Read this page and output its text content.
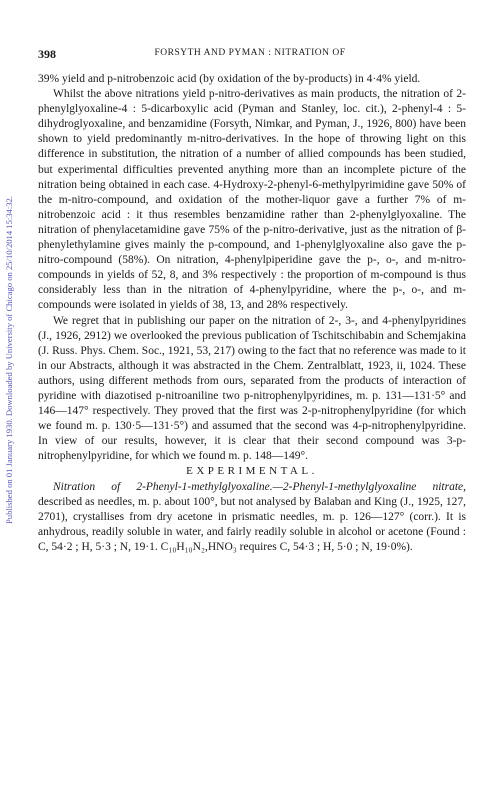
Published on 01 January 1930. Downloaded by University of Chicago on 25/10/2014 15:34:32.
398	FORSYTH AND PYMAN : NITRATION OF

39% yield and p-nitrobenzoic acid (by oxidation of the by-products) in 4·4% yield.

Whilst the above nitrations yield p-nitro-derivatives as main products, the nitration of 2-phenylglyoxaline-4 : 5-dicarboxylic acid (Pyman and Stanley, loc. cit.), 2-phenyl-4 : 5-dihydroglyoxaline, and benzamidine (Forsyth, Nimkar, and Pyman, J., 1926, 800) have been shown to yield predominantly m-nitro-derivatives. In the hope of throwing light on this difference in substitution, the nitration of a number of allied compounds has been studied, but experimental difficulties prevented anything more than an incomplete picture of the nitration being obtained in each case. 4-Hydroxy-2-phenyl-6-methylpyrimidine gave 50% of the m-nitro-compound, and oxidation of the mother-liquor gave a further 7% of m-nitrobenzoic acid : it thus resembles benzamidine rather than 2-phenylglyoxaline. The nitration of phenylacetamidine gave 75% of the p-nitro-derivative, just as the nitration of β-phenylethylamine gives mainly the p-compound, and 1-phenylglyoxaline also gave the p-nitro-compound (58%). On nitration, 4-phenylpiperidine gave the p-, o-, and m-nitro-compounds in yields of 52, 8, and 3% respectively : the proportion of m-compound is thus considerably less than in the nitration of 4-phenylpyridine, where the p-, o-, and m-compounds were isolated in yields of 38, 13, and 28% respectively.

We regret that in publishing our paper on the nitration of 2-, 3-, and 4-phenylpyridines (J., 1926, 2912) we overlooked the previous publication of Tschitschibabin and Schemjakina (J. Russ. Phys. Chem. Soc., 1921, 53, 217) owing to the fact that no reference was made to it in our Abstracts, although it was abstracted in the Chem. Zentralblatt, 1923, ii, 1024. These authors, using different methods from ours, separated from the products of interaction of pyridine with diazotised p-nitroaniline two p-nitrophenylpyridines, m. p. 131—131·5° and 146—147° respectively. They proved that the first was 2-p-nitrophenylpyridine (for which we found m. p. 130·5—131·5°) and assumed that the second was 4-p-nitrophenylpyridine. In view of our results, however, it is clear that their second compound was 3-p-nitrophenylpyridine, for which we found m. p. 148—149°.

EXPERIMENTAL.

Nitration of 2-Phenyl-1-methylglyoxaline.—2-Phenyl-1-methylglyoxaline nitrate, described as needles, m. p. about 100°, but not analysed by Balaban and King (J., 1925, 127, 2701), crystallises from dry acetone in prismatic needles, m. p. 126—127° (corr.). It is anhydrous, readily soluble in water, and fairly readily soluble in alcohol or acetone (Found : C, 54·2 ; H, 5·3 ; N, 19·1. C₁₀H₁₀N₂,HNO₃ requires C, 54·3 ; H, 5·0 ; N, 19·0%).
